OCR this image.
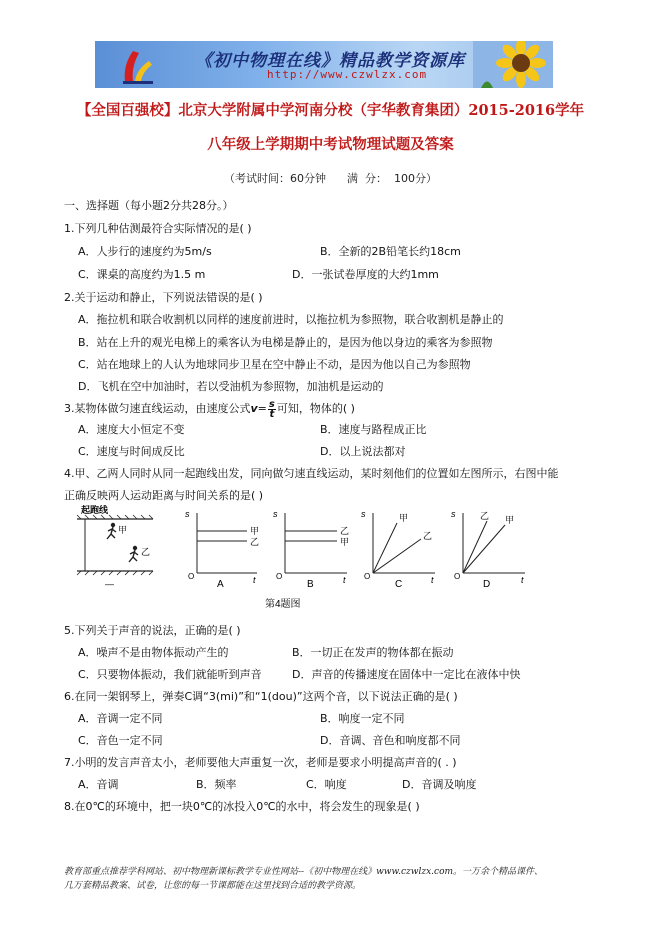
《初中物理在线》精品教学资源库
http://www.czwlzx.com
【全国百强校】北京大学附属中学河南分校（宇华教育集团）2015-2016学年
八年级上学期期中考试物理试题及答案
（考试时间：60分钟      满  分：  100分）
一、选择题（每小题2分共28分。）
1.下列几种估测最符合实际情况的是( )
A．人步行的速度约为5m/s	B．全新的2B铅笔长约18cm
C．课桌的高度约为1.5 m	D．一张试卷厚度的大约1mm
2.关于运动和静止，下列说法错误的是( )
A．拖拉机和联合收割机以同样的速度前进时，以拖拉机为参照物，联合收割机是静止的
B．站在上升的观光电梯上的乘客认为电梯是静止的，是因为他以身边的乘客为参照物
C．站在地球上的人认为地球同步卫星在空中静止不动，是因为他以自己为参照物
D．飞机在空中加油时，若以受油机为参照物，加油机是运动的
3.某物体做匀速直线运动，由速度公式$v= \frac{s}{t}$ 可知，物体的( )
A．速度大小恒定不变	B．速度与路程成正比
C．速度与时间成反比	D．以上说法都对
4.甲、乙两人同时从同一起跑线出发，同向做匀速直线运动，某时刻他们的位置如左图所示，右图中能
正确反映两人运动距离与时间关系的是( )
起跑线
甲
乙
—
s
O	t
甲
乙
A
s
O	t
乙
甲
B
s
O	t
甲
乙
C
s
O	t
乙 甲
D
第4题图
5.下列关于声音的说法，正确的是( )
A．噪声不是由物体振动产生的	B．一切正在发声的物体都在振动
C．只要物体振动，我们就能听到声音	D．声音的传播速度在固体中一定比在液体中快
6.在同一架钢琴上，弹奏C调“3(mi)”和“1(dou)”这两个音，以下说法正确的是( )
A．音调一定不同	B．响度一定不同
C．音色一定不同	D．音调、音色和响度都不同
7.小明的发言声音太小，老师要他大声重复一次，老师是要求小明提高声音的( . )
A．音调	B．频率	C．响度	D．音调及响度
8.在0℃的环境中，把一块0℃的冰投入0℃的水中，将会发生的现象是( )
教育部重点推荐学科网站、初中物理新课标教学专业性网站--《初中物理在线》www.czwlzx.com。一万余个精品课件、
几万套精品教案、试卷，让您的每一节课都能在这里找到合适的教学资源。
